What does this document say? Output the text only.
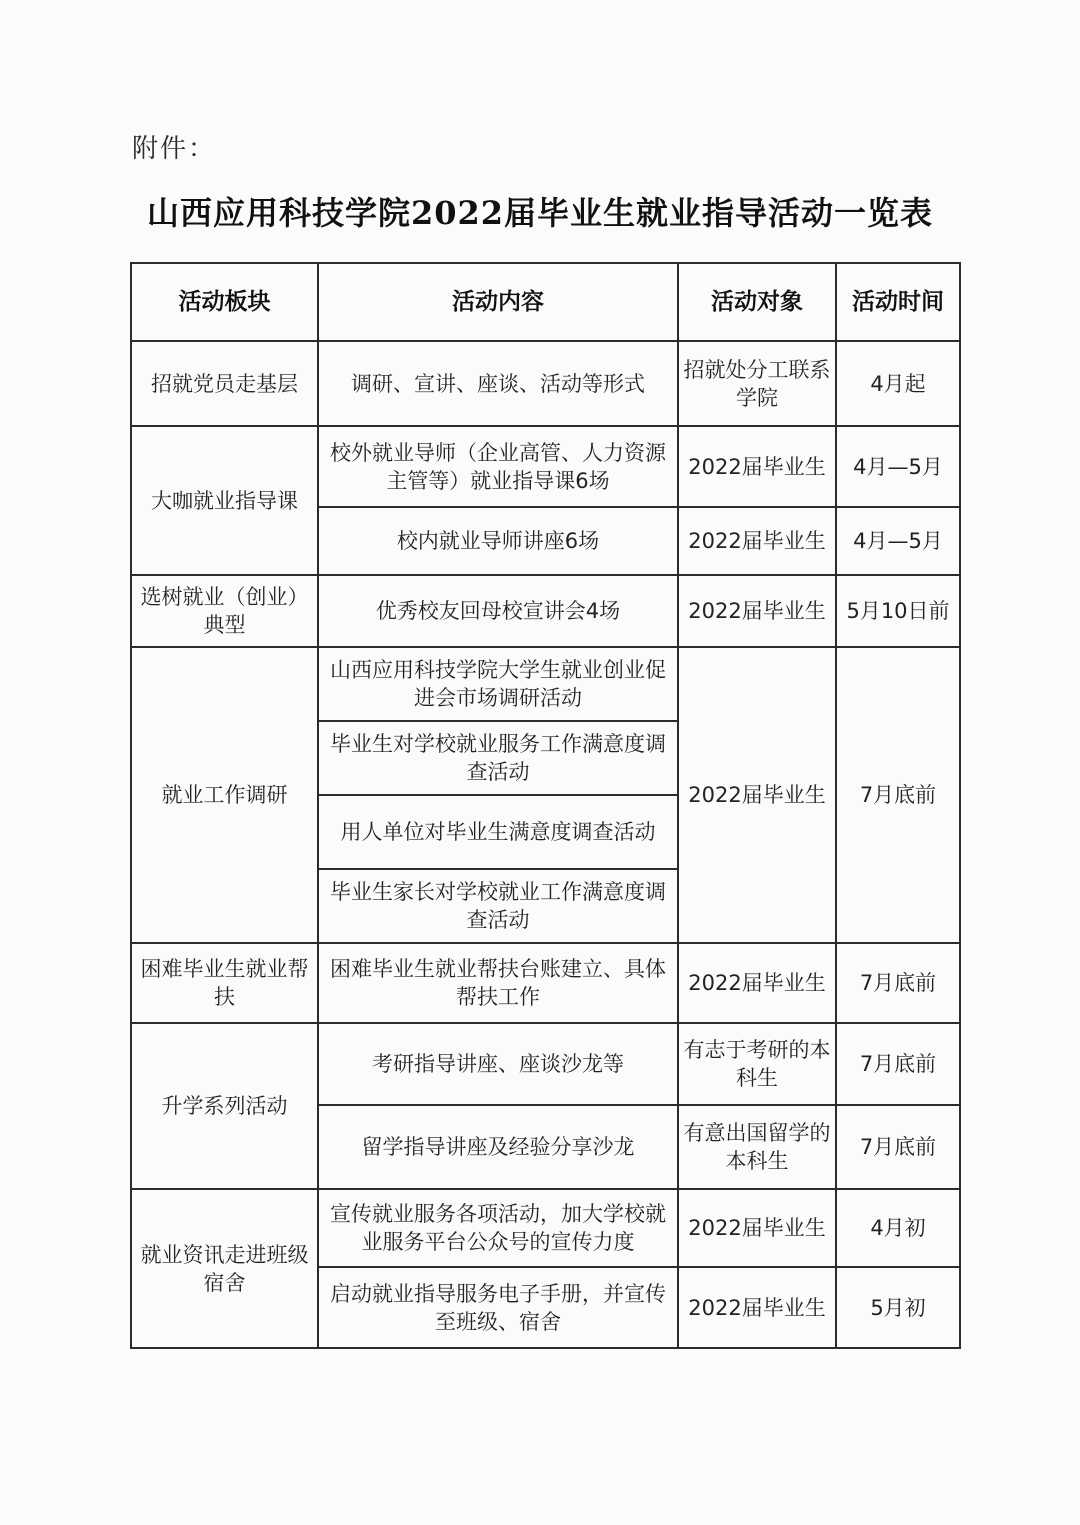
附件：
山西应用科技学院2022届毕业生就业指导活动一览表
活动板块	活动内容	活动对象	活动时间
招就党员走基层	调研、宣讲、座谈、活动等形式	招就处分工联系学院	4月起
大咖就业指导课	校外就业导师（企业高管、人力资源主管等）就业指导课6场	2022届毕业生	4月—5月
	校内就业导师讲座6场	2022届毕业生	4月—5月
选树就业（创业）典型	优秀校友回母校宣讲会4场	2022届毕业生	5月10日前
就业工作调研	山西应用科技学院大学生就业创业促进会市场调研活动	2022届毕业生	7月底前
	毕业生对学校就业服务工作满意度调查活动		
	用人单位对毕业生满意度调查活动		
	毕业生家长对学校就业工作满意度调查活动		
困难毕业生就业帮扶	困难毕业生就业帮扶台账建立、具体帮扶工作	2022届毕业生	7月底前
升学系列活动	考研指导讲座、座谈沙龙等	有志于考研的本科生	7月底前
	留学指导讲座及经验分享沙龙	有意出国留学的本科生	7月底前
就业资讯走进班级宿舍	宣传就业服务各项活动，加大学校就业服务平台公众号的宣传力度	2022届毕业生	4月初
	启动就业指导服务电子手册，并宣传至班级、宿舍	2022届毕业生	5月初
